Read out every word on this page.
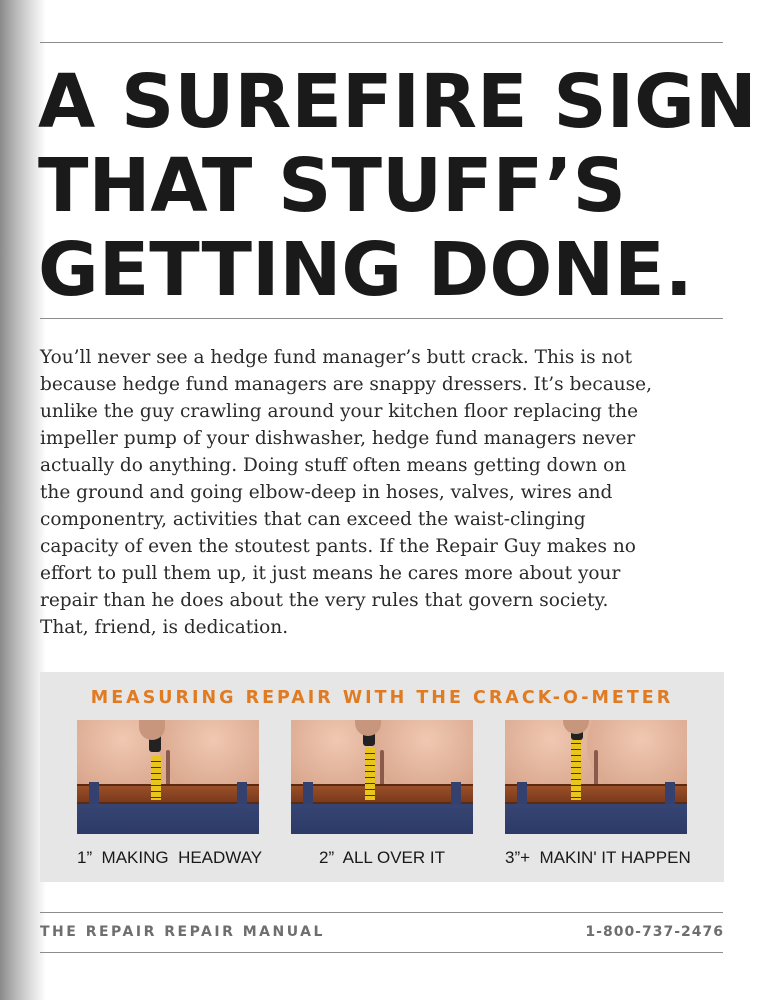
A SUREFIRE SIGN
THAT STUFF’S
GETTING DONE.

You’ll never see a hedge fund manager’s butt crack. This is not
because hedge fund managers are snappy dressers. It’s because,
unlike the guy crawling around your kitchen floor replacing the
impeller pump of your dishwasher, hedge fund managers never
actually do anything. Doing stuff often means getting down on
the ground and going elbow-deep in hoses, valves, wires and
componentry, activities that can exceed the waist-clinging
capacity of even the stoutest pants. If the Repair Guy makes no
effort to pull them up, it just means he cares more about your
repair than he does about the very rules that govern society.
That, friend, is dedication.

MEASURING REPAIR WITH THE CRACK-O-METER
1”  MAKING  HEADWAY	2”  ALL OVER IT	3”+  MAKIN' IT HAPPEN
THE REPAIR REPAIR MANUAL	1-800-737-2476
